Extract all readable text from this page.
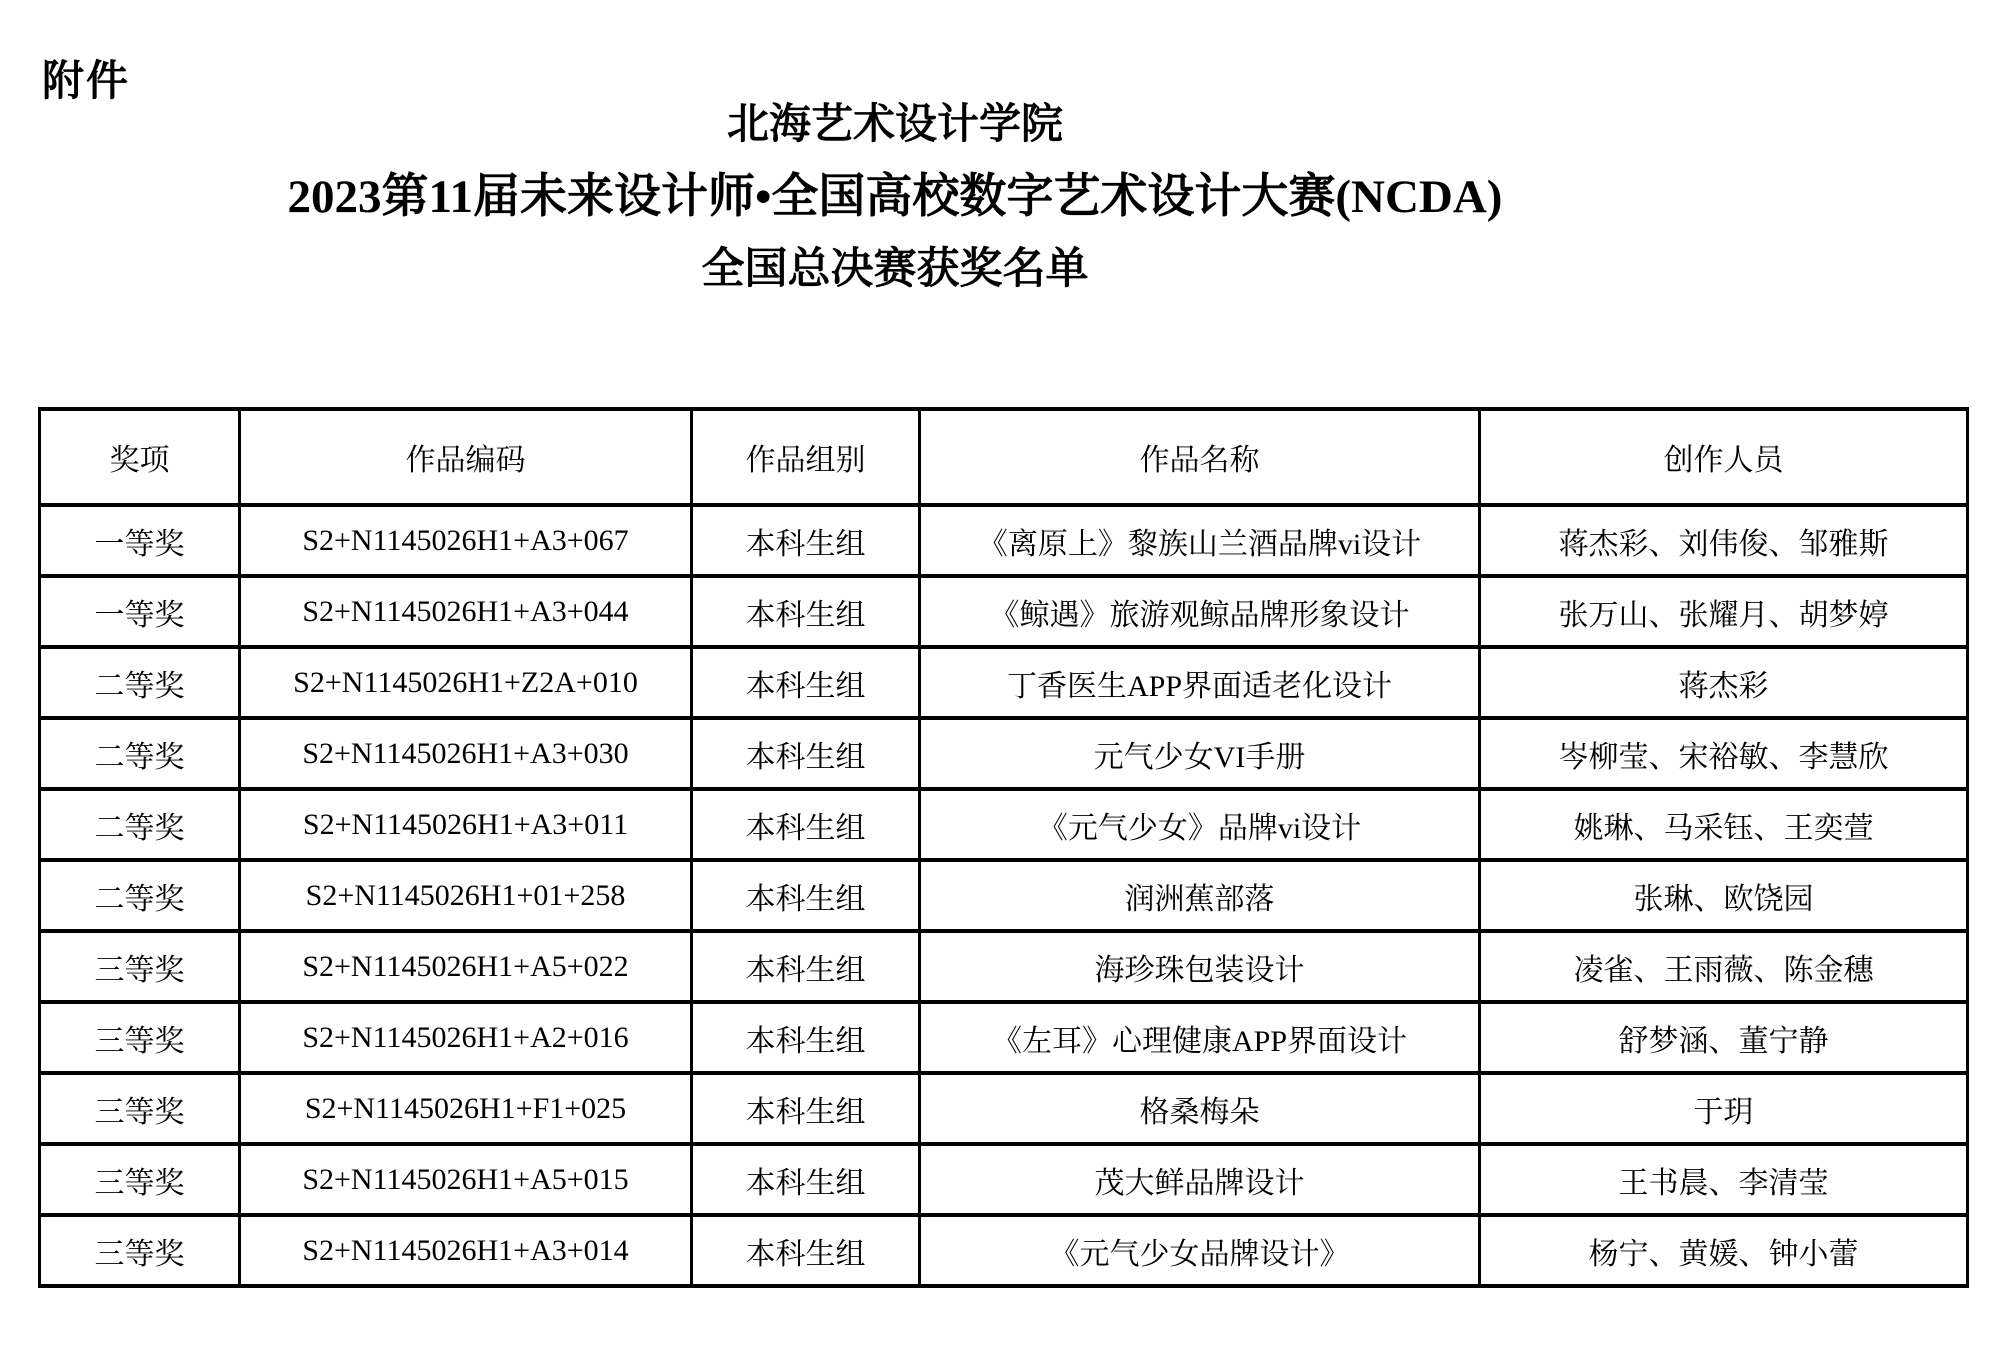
附件
北海艺术设计学院
2023第11届未来设计师•全国高校数字艺术设计大赛(NCDA)
全国总决赛获奖名单
奖项	作品编码	作品组别	作品名称	创作人员
一等奖	S2+N1145026H1+A3+067	本科生组	《离原上》黎族山兰酒品牌vi设计	蒋杰彩、刘伟俊、邹雅斯
一等奖	S2+N1145026H1+A3+044	本科生组	《鲸遇》旅游观鲸品牌形象设计	张万山、张耀月、胡梦婷
二等奖	S2+N1145026H1+Z2A+010	本科生组	丁香医生APP界面适老化设计	蒋杰彩
二等奖	S2+N1145026H1+A3+030	本科生组	元气少女VI手册	岑柳莹、宋裕敏、李慧欣
二等奖	S2+N1145026H1+A3+011	本科生组	《元气少女》品牌vi设计	姚琳、马采钰、王奕萱
二等奖	S2+N1145026H1+01+258	本科生组	润洲蕉部落	张琳、欧饶园
三等奖	S2+N1145026H1+A5+022	本科生组	海珍珠包装设计	凌雀、王雨薇、陈金穗
三等奖	S2+N1145026H1+A2+016	本科生组	《左耳》心理健康APP界面设计	舒梦涵、董宁静
三等奖	S2+N1145026H1+F1+025	本科生组	格桑梅朵	于玥
三等奖	S2+N1145026H1+A5+015	本科生组	茂大鲜品牌设计	王书晨、李清莹
三等奖	S2+N1145026H1+A3+014	本科生组	《元气少女品牌设计》	杨宁、黄媛、钟小蕾
